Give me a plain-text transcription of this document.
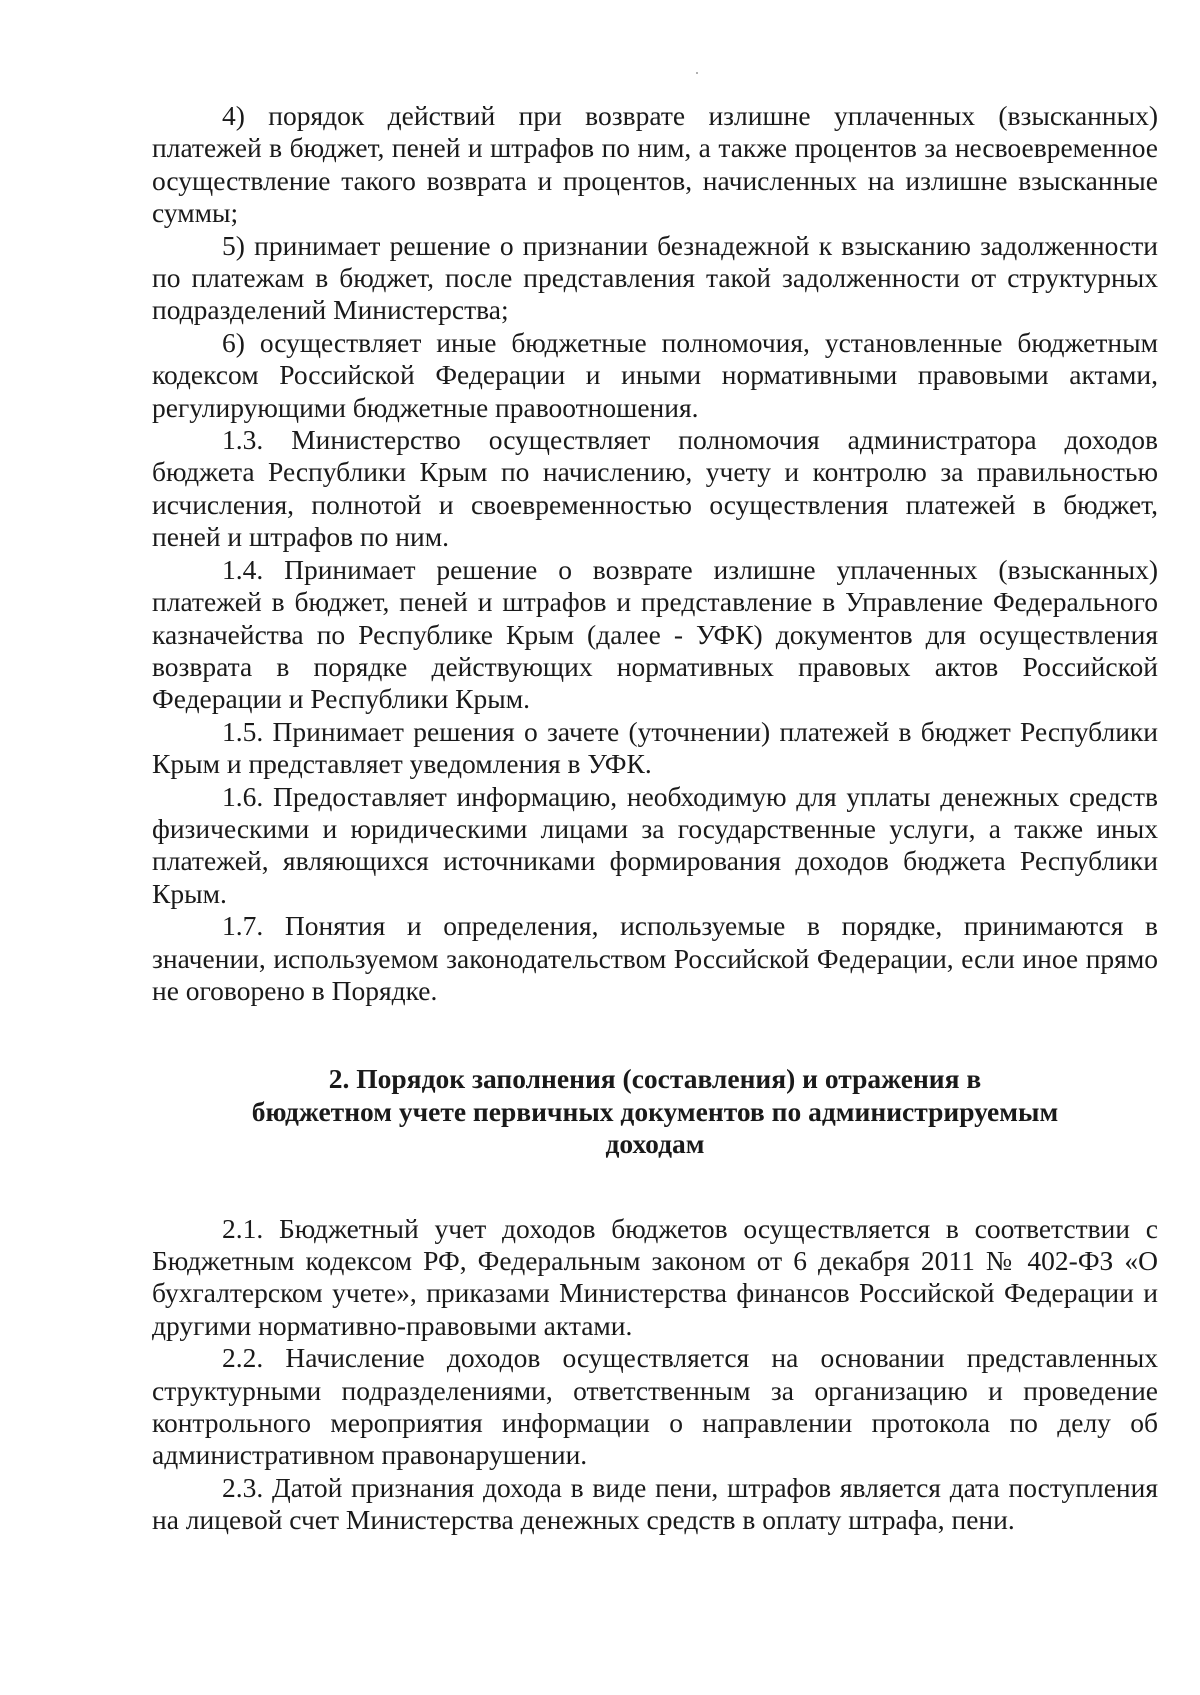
4) порядок действий при возврате излишне уплаченных (взысканных) платежей в бюджет, пеней и штрафов по ним, а также процентов за несвоевременное осуществление такого возврата и процентов, начисленных на излишне взысканные суммы;

5) принимает решение о признании безнадежной к взысканию задолженности по платежам в бюджет, после представления такой задолженности от структурных подразделений Министерства;

6) осуществляет иные бюджетные полномочия, установленные бюджетным кодексом Российской Федерации и иными нормативными правовыми актами, регулирующими бюджетные правоотношения.

1.3. Министерство осуществляет полномочия администратора доходов бюджета Республики Крым по начислению, учету и контролю за правильностью исчисления, полнотой и своевременностью осуществления платежей в бюджет, пеней и штрафов по ним.

1.4. Принимает решение о возврате излишне уплаченных (взысканных) платежей в бюджет, пеней и штрафов и представление в Управление Федерального казначейства по Республике Крым (далее - УФК) документов для осуществления возврата в порядке действующих нормативных правовых актов Российской Федерации и Республики Крым.

1.5. Принимает решения о зачете (уточнении) платежей в бюджет Республики Крым и представляет уведомления в УФК.

1.6. Предоставляет информацию, необходимую для уплаты денежных средств физическими и юридическими лицами за государственные услуги, а также иных платежей, являющихся источниками формирования доходов бюджета Республики Крым.

1.7. Понятия и определения, используемые в порядке, принимаются в значении, используемом законодательством Российской Федерации, если иное прямо не оговорено в Порядке.

2. Порядок заполнения (составления) и отражения в
бюджетном учете первичных документов по администрируемым
доходам

2.1. Бюджетный учет доходов бюджетов осуществляется в соответствии с Бюджетным кодексом РФ, Федеральным законом от 6 декабря 2011 № 402-ФЗ «О бухгалтерском учете», приказами Министерства финансов Российской Федерации и другими нормативно-правовыми актами.

2.2. Начисление доходов осуществляется на основании представленных структурными подразделениями, ответственным за организацию и проведение контрольного мероприятия информации о направлении протокола по делу об административном правонарушении.

2.3. Датой признания дохода в виде пени, штрафов является дата поступления на лицевой счет Министерства денежных средств в оплату штрафа, пени.
